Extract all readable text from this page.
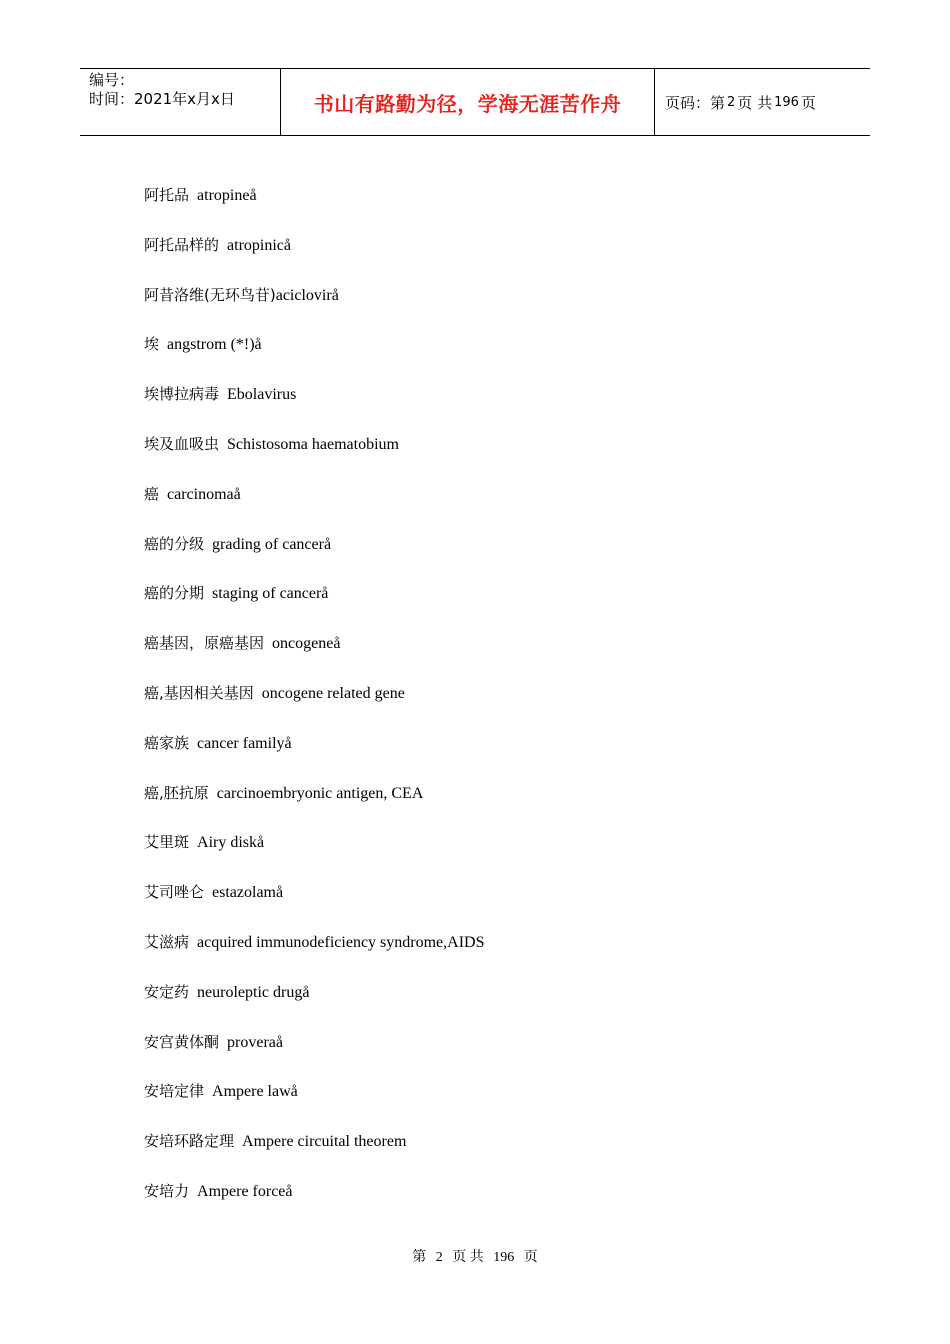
编号：
时间：2021年x月x日	书山有路勤为径，学海无涯苦作舟	页码：第 2 页 共 196 页
阿托品 atropineå
阿托品样的 atropinicå
阿昔洛维(无环鸟苷)aciclovirå
埃 angstrom (*!)å
埃博拉病毒 Ebolavirus
埃及血吸虫 Schistosoma haematobium
癌 carcinomaå
癌的分级 grading of cancerå
癌的分期 staging of cancerå
癌基因，原癌基因 oncogeneå
癌,基因相关基因 oncogene related gene
癌家族 cancer familyå
癌,胚抗原 carcinoembryonic antigen, CEA
艾里斑 Airy diskå
艾司唑仑 estazolamå
艾滋病 acquired immunodeficiency syndrome,AIDS
安定药 neuroleptic drugå
安宫黄体酮 proveraå
安培定律 Ampere lawå
安培环路定理 Ampere circuital theorem
安培力 Ampere forceå
第 2 页 共 196 页
